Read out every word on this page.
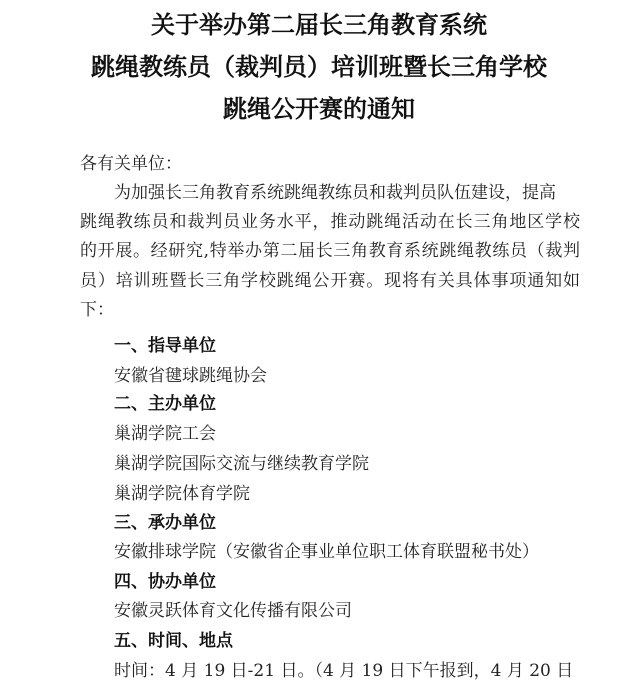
关于举办第二届长三角教育系统
跳绳教练员（裁判员）培训班暨长三角学校
跳绳公开赛的通知
各有关单位：
为加强长三角教育系统跳绳教练员和裁判员队伍建设，提高
跳绳教练员和裁判员业务水平，推动跳绳活动在长三角地区学校
的开展。经研究,特举办第二届长三角教育系统跳绳教练员（裁判
员）培训班暨长三角学校跳绳公开赛。现将有关具体事项通知如
下：
一、指导单位
安徽省毽球跳绳协会
二、主办单位
巢湖学院工会
巢湖学院国际交流与继续教育学院
巢湖学院体育学院
三、承办单位
安徽排球学院（安徽省企事业单位职工体育联盟秘书处）
四、协办单位
安徽灵跃体育文化传播有限公司
五、时间、地点
时间：4 月 19 日-21 日。（4 月 19 日下午报到，4 月 20 日
